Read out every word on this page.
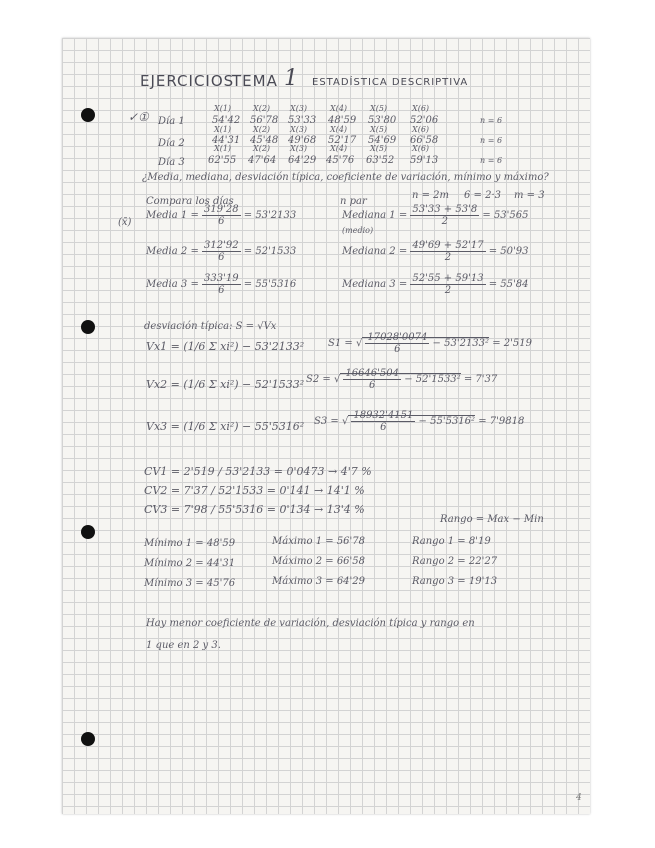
EJERCICIOS
TEMA 1 ESTADÍSTICA DESCRIPTIVA
✓① Día 1
X(1)	X(2) X(3)	X(4)	X(5)	X(6)
54'42 56'78 53'33 48'59 53'80 52'06	n = 6
Día 2
X(1)	X(2) X(3)	X(4)	X(5)	X(6)
44'31 45'48 49'68 52'17 54'69 66'58	n = 6
Día 3
X(1)	X(2) X(3)	X(4)	X(5)	X(6)
62'55 47'64 64'29 45'76 63'52 59'13	n = 6
¿Media, mediana, desviación típica, coeficiente de variación, mínimo y máximo?
Compara los días	n par
n = 2m 6 = 2·3 m = 3
(x̄)
Media $1 = \frac{319'28}{6} = 53'2133$
Media $2 = \frac{312'92}{6} = 52'1533$
Media $3 = \frac{333'19}{6} = 55'5316$
Mediana $1 = \frac{53'33 + 53'8}{2} = 53'565$
(medio)
Mediana $2 = \frac{49'69 + 52'17}{2} = 50'93$
Mediana $3 = \frac{52'55 + 59'13}{2} = 55'84$
desviación típica: S = √Vx
Vx1 = (1/6 Σ xi²) − 53'2133² S1 = √ $\frac{17028'0074}{6} - 53'2133^2 = 2'519$
Vx2 = (1/6 Σ xi²) − 52'1533² S2 = √ $\frac{16646'504}{6} - 52'1533^2 = 7'37$
Vx3 = (1/6 Σ xi²) − 55'5316² S3 = √ $\frac{18932'4151}{6} - 55'5316^2 = 7'9818$
CV1 = 2'519 / 53'2133 = 0'0473 → 4'7 %
CV2 = 7'37 / 52'1533 = 0'141 → 14'1 %
CV3 = 7'98 / 55'5316 = 0'134 → 13'4 %
Rango = Max − Min
Mínimo 1 = 48'59	Máximo 1 = 56'78	Rango 1 = 8'19
Mínimo 2 = 44'31	Máximo 2 = 66'58	Rango 2 = 22'27
Mínimo 3 = 45'76	Máximo 3 = 64'29	Rango 3 = 19'13
Hay menor coeficiente de variación, desviación típica y rango en
1 que en 2 y 3.
4
